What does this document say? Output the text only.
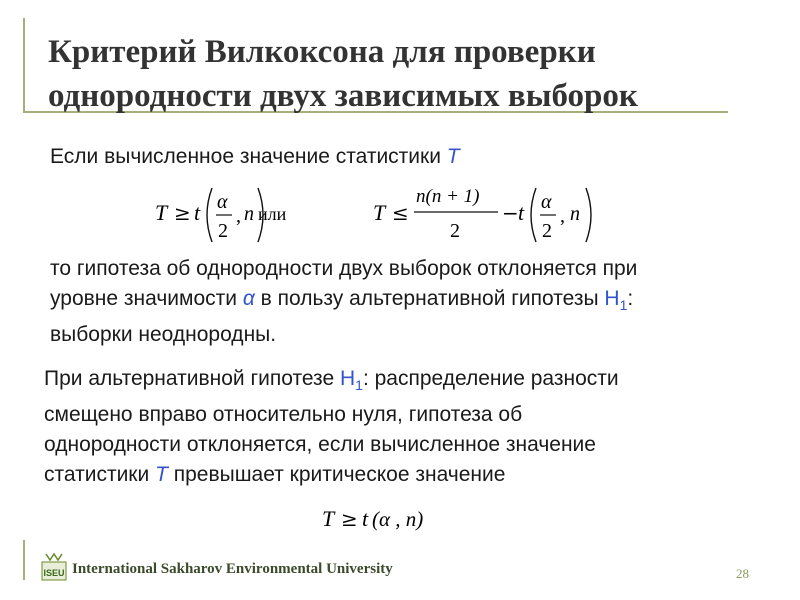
Критерий Вилкоксона для проверки
однородности двух зависимых выборок
Если вычисленное значение статистики T
T ≥ t α
2
, n или	T ≤
n(n + 1)
2
− t α
2
, n
то гипотеза об однородности двух выборок отклоняется при
уровне значимости α в пользу альтернативной гипотезы $H_1$:
выборки неоднородны.
При альтернативной гипотезе $H_1$: распределение разности
смещено вправо относительно нуля, гипотеза об
однородности отклоняется, если вычисленное значение
статистики T превышает критическое значение
T ≥ t (α , n)
ISEU International Sakharov Environmental University	28
